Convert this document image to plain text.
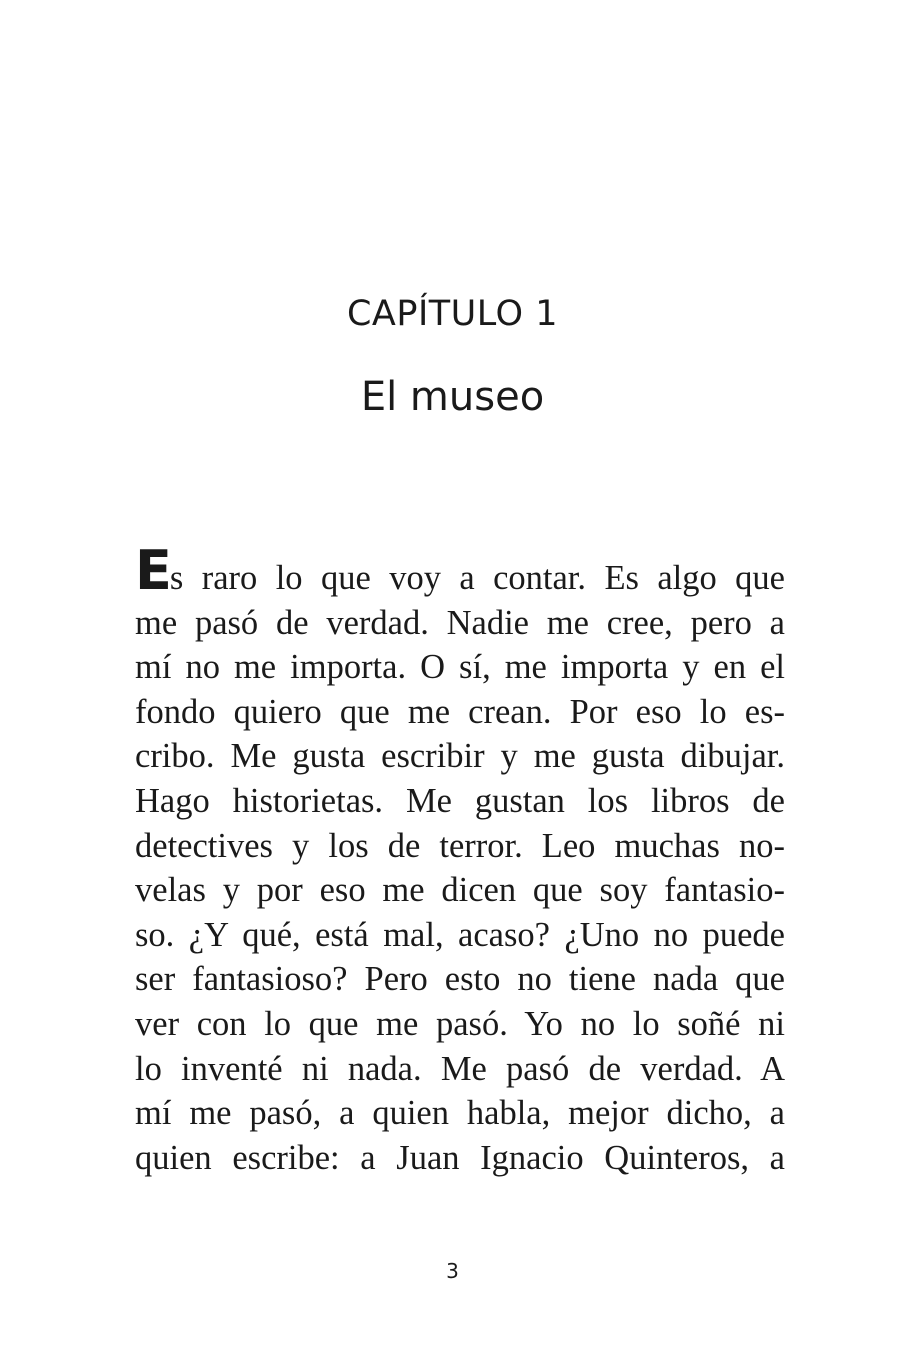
CAPÍTULO 1
El museo
Es raro lo que voy a contar. Es algo que
me pasó de verdad. Nadie me cree, pero a
mí no me importa. O sí, me importa y en el
fondo quiero que me crean. Por eso lo es-
cribo. Me gusta escribir y me gusta dibujar.
Hago historietas. Me gustan los libros de
detectives y los de terror. Leo muchas no-
velas y por eso me dicen que soy fantasio-
so. ¿Y qué, está mal, acaso? ¿Uno no puede
ser fantasioso? Pero esto no tiene nada que
ver con lo que me pasó. Yo no lo soñé ni
lo inventé ni nada. Me pasó de verdad. A
mí me pasó, a quien habla, mejor dicho, a
quien escribe: a Juan Ignacio Quinteros, a
3
